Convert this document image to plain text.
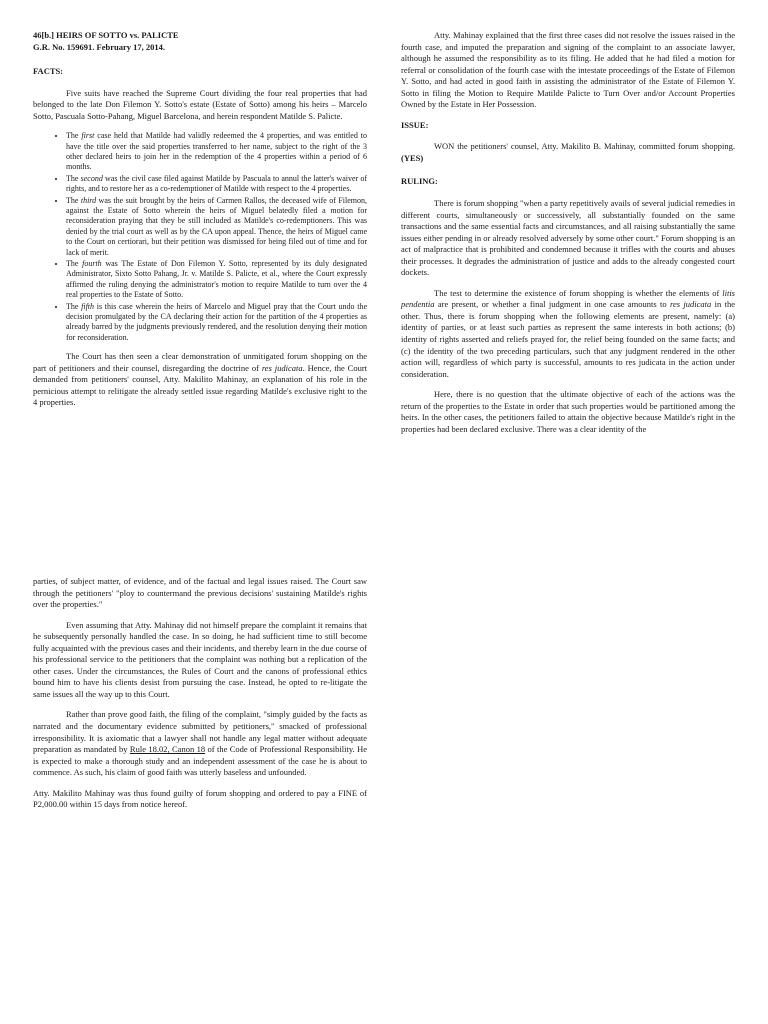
46[b.] HEIRS OF SOTTO vs. PALICTE
G.R. No. 159691. February 17, 2014.
FACTS:

Five suits have reached the Supreme Court dividing the four real properties that had belonged to the late Don Filemon Y. Sotto's estate (Estate of Sotto) among his heirs – Marcelo Sotto, Pascuala Sotto-Pahang, Miguel Barcelona, and herein respondent Matilde S. Palicte.

• The first case held that Matilde had validly redeemed the 4 properties, and was entitled to have the title over the said properties transferred to her name, subject to the right of the 3 other declared heirs to join her in the redemption of the 4 properties within a period of 6 months.
• The second was the civil case filed against Matilde by Pascuala to annul the latter's waiver of rights, and to restore her as a co-redemptioner of Matilde with respect to the 4 properties.
• The third was the suit brought by the heirs of Carmen Rallos, the deceased wife of Filemon, against the Estate of Sotto wherein the heirs of Miguel belatedly filed a motion for reconsideration praying that they be still included as Matilde's co-redemptioners. This was denied by the trial court as well as by the CA upon appeal. Thence, the heirs of Miguel came to the Court on certiorari, but their petition was dismissed for being filed out of time and for lack of merit.
• The fourth was The Estate of Don Filemon Y. Sotto, represented by its duly designated Administrator, Sixto Sotto Pahang, Jr. v. Matilde S. Palicte, et al., where the Court expressly affirmed the ruling denying the administrator's motion to require Matilde to turn over the 4 real properties to the Estate of Sotto.
• The fifth is this case wherein the heirs of Marcelo and Miguel pray that the Court undo the decision promulgated by the CA declaring their action for the partition of the 4 properties as already barred by the judgments previously rendered, and the resolution denying their motion for reconsideration.

The Court has then seen a clear demonstration of unmitigated forum shopping on the part of petitioners and their counsel, disregarding the doctrine of res judicata. Hence, the Court demanded from petitioners' counsel, Atty. Makilito Mahinay, an explanation of his role in the pernicious attempt to relitigate the already settled issue regarding Matilde's exclusive right to the 4 properties.

parties, of subject matter, of evidence, and of the factual and legal issues raised. The Court saw through the petitioners' "ploy to countermand the previous decisions' sustaining Matilde's rights over the properties."

Even assuming that Atty. Mahinay did not himself prepare the complaint it remains that he subsequently personally handled the case. In so doing, he had sufficient time to still become fully acquainted with the previous cases and their incidents, and thereby learn in the due course of his professional service to the petitioners that the complaint was nothing but a replication of the other cases. Under the circumstances, the Rules of Court and the canons of professional ethics bound him to have his clients desist from pursuing the case. Instead, he opted to re-litigate the same issues all the way up to this Court.

Rather than prove good faith, the filing of the complaint, "simply guided by the facts as narrated and the documentary evidence submitted by petitioners," smacked of professional irresponsibility. It is axiomatic that a lawyer shall not handle any legal matter without adequate preparation as mandated by Rule 18.02, Canon 18 of the Code of Professional Responsibility. He is expected to make a thorough study and an independent assessment of the case he is about to commence. As such, his claim of good faith was utterly baseless and unfounded.

Atty. Makilito Mahinay was thus found guilty of forum shopping and ordered to pay a FINE of P2,000.00 within 15 days from notice hereof.

Atty. Mahinay explained that the first three cases did not resolve the issues raised in the fourth case, and imputed the preparation and signing of the complaint to an associate lawyer, although he assumed the responsibility as to its filing. He added that he had filed a motion for referral or consolidation of the fourth case with the intestate proceedings of the Estate of Filemon Y. Sotto, and had acted in good faith in assisting the administrator of the Estate of Filemon Y. Sotto in filing the Motion to Require Matilde Palicte to Turn Over and/or Account Properties Owned by the Estate in Her Possession.

ISSUE:

WON the petitioners' counsel, Atty. Makilito B. Mahinay, committed forum shopping. (YES)

RULING:

There is forum shopping "when a party repetitively avails of several judicial remedies in different courts, simultaneously or successively, all substantially founded on the same transactions and the same essential facts and circumstances, and all raising substantially the same issues either pending in or already resolved adversely by some other court." Forum shopping is an act of malpractice that is prohibited and condemned because it trifles with the courts and abuses their processes. It degrades the administration of justice and adds to the already congested court dockets.

The test to determine the existence of forum shopping is whether the elements of litis pendentia are present, or whether a final judgment in one case amounts to res judicata in the other. Thus, there is forum shopping when the following elements are present, namely: (a) identity of parties, or at least such parties as represent the same interests in both actions; (b) identity of rights asserted and reliefs prayed for, the relief being founded on the same facts; and (c) the identity of the two preceding particulars, such that any judgment rendered in the other action will, regardless of which party is successful, amounts to res judicata in the action under consideration.

Here, there is no question that the ultimate objective of each of the actions was the return of the properties to the Estate in order that such properties would be partitioned among the heirs. In the other cases, the petitioners failed to attain the objective because Matilde's right in the properties had been declared exclusive. There was a clear identity of the
